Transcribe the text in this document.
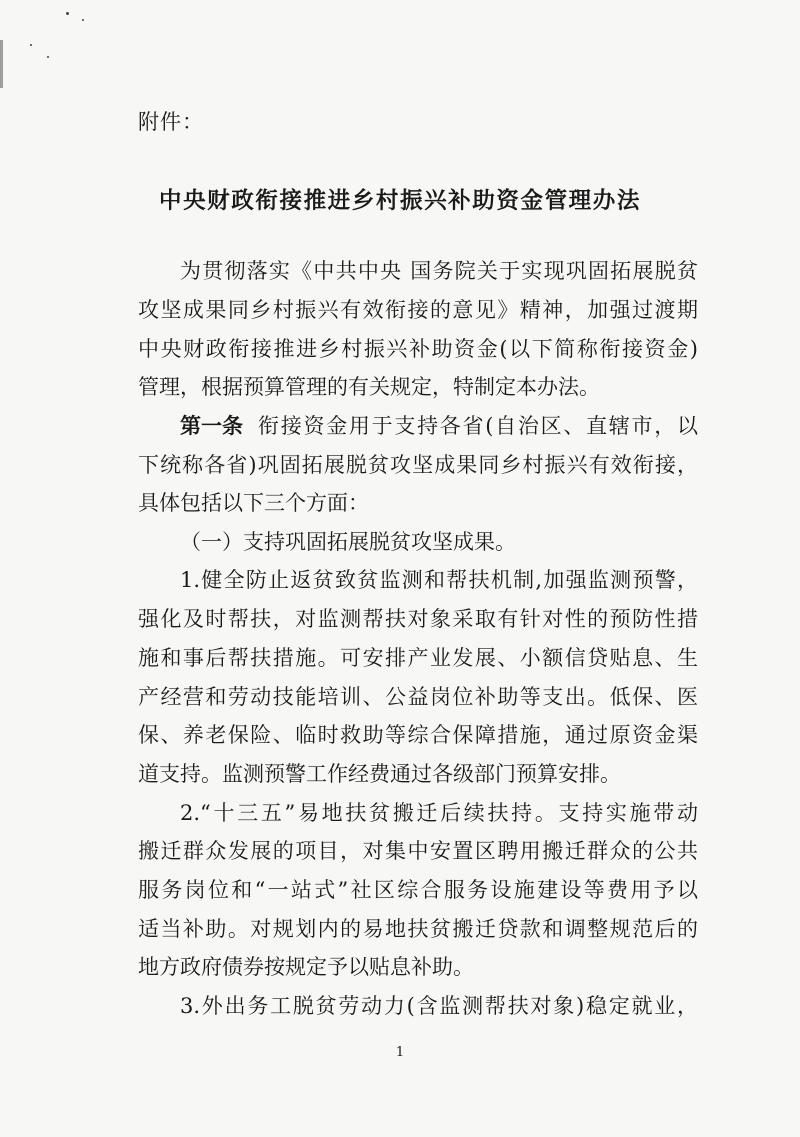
附件：
中央财政衔接推进乡村振兴补助资金管理办法
为贯彻落实《中共中央 国务院关于实现巩固拓展脱贫
攻坚成果同乡村振兴有效衔接的意见》精神，加强过渡期
中央财政衔接推进乡村振兴补助资金(以下简称衔接资金)
管理，根据预算管理的有关规定，特制定本办法。
第一条 衔接资金用于支持各省(自治区、直辖市，以
下统称各省)巩固拓展脱贫攻坚成果同乡村振兴有效衔接，
具体包括以下三个方面：
（一）支持巩固拓展脱贫攻坚成果。
1.健全防止返贫致贫监测和帮扶机制,加强监测预警，
强化及时帮扶，对监测帮扶对象采取有针对性的预防性措
施和事后帮扶措施。可安排产业发展、小额信贷贴息、生
产经营和劳动技能培训、公益岗位补助等支出。低保、医
保、养老保险、临时救助等综合保障措施，通过原资金渠
道支持。监测预警工作经费通过各级部门预算安排。
2.“十三五”易地扶贫搬迁后续扶持。支持实施带动
搬迁群众发展的项目，对集中安置区聘用搬迁群众的公共
服务岗位和“一站式”社区综合服务设施建设等费用予以
适当补助。对规划内的易地扶贫搬迁贷款和调整规范后的
地方政府债券按规定予以贴息补助。
3.外出务工脱贫劳动力(含监测帮扶对象)稳定就业，
1
